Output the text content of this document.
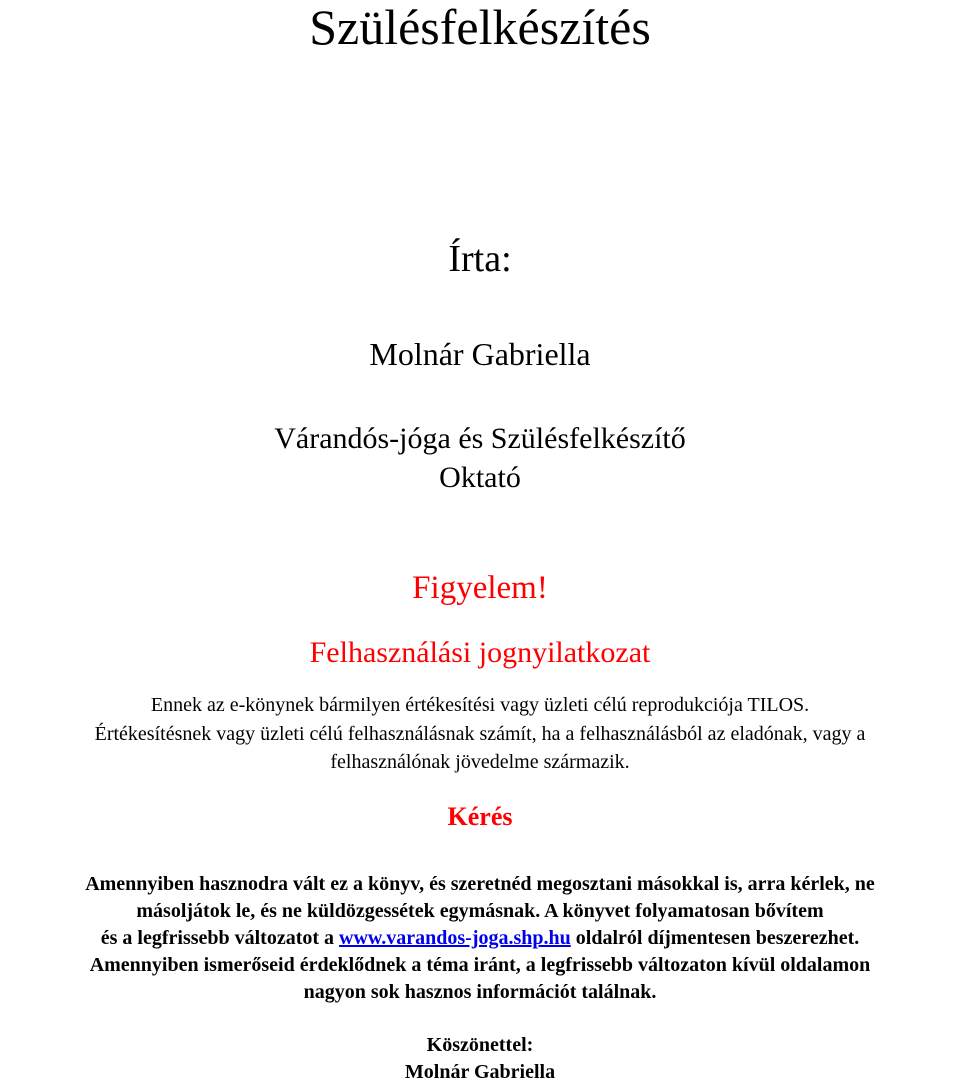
Szülésfelkészítés
Írta:
Molnár Gabriella
Várandós-jóga és Szülésfelkészítő
Oktató
Figyelem!
Felhasználási jognyilatkozat
Ennek az e-könynek bármilyen értékesítési vagy üzleti célú reprodukciója TILOS.
Értékesítésnek vagy üzleti célú felhasználásnak számít, ha a felhasználásból az eladónak, vagy a
felhasználónak jövedelme származik.
Kérés
Amennyiben hasznodra vált ez a könyv, és szeretnéd megosztani másokkal is, arra kérlek, ne
másoljátok le, és ne küldözgessétek egymásnak. A könyvet folyamatosan bővítem
és a legfrissebb változatot a www.varandos-joga.shp.hu oldalról díjmentesen beszerezhet.
Amennyiben ismerőseid érdeklődnek a téma iránt, a legfrissebb változaton kívül oldalamon
nagyon sok hasznos információt találnak.
Köszönettel:
Molnár Gabriella
